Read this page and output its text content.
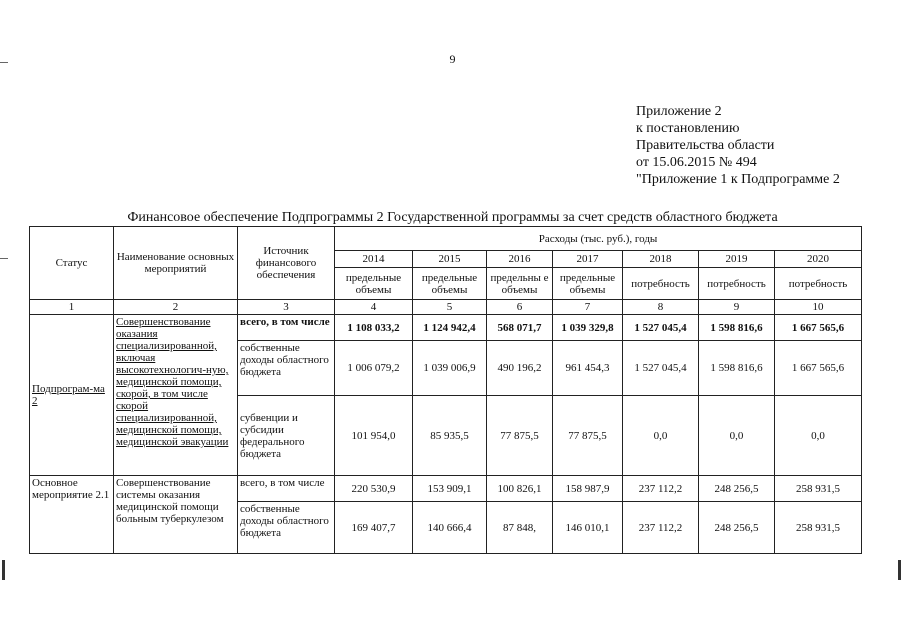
9
Приложение 2
к постановлению
Правительства области
от 15.06.2015 № 494
"Приложение 1 к Подпрограмме 2
Финансовое обеспечение Подпрограммы 2 Государственной программы за счет средств областного бюджета
Статус	Наименование основных мероприятий	Источник финансового обеспечения	Расходы (тыс. руб.), годы						
			2014	2015	2016	2017	2018	2019	2020
			предельные объемы	предельные объемы	предельны е объемы	предельные объемы	потребность	потребность	потребность
1	2	3	4	5	6	7	8	9	10
Подпрограм-ма 2	Совершенствование оказания специализированной, включая высокотехнологич-ную, медицинской помощи, скорой, в том числе скорой специализированной, медицинской помощи, медицинской эвакуации	всего, в том числе	1 108 033,2	1 124 942,4	568 071,7	1 039 329,8	1 527 045,4	1 598 816,6	1 667 565,6
		собственные доходы областного бюджета	1 006 079,2	1 039 006,9	490 196,2	961 454,3	1 527 045,4	1 598 816,6	1 667 565,6
		субвенции и субсидии федерального бюджета	101 954,0	85 935,5	77 875,5	77 875,5	0,0	0,0	0,0
Основное мероприятие 2.1	Совершенствование системы оказания медицинской помощи больным туберкулезом	всего, в том числе	220 530,9	153 909,1	100 826,1	158 987,9	237 112,2	248 256,5	258 931,5
		собственные доходы областного бюджета	169 407,7	140 666,4	87 848,	146 010,1	237 112,2	248 256,5	258 931,5
